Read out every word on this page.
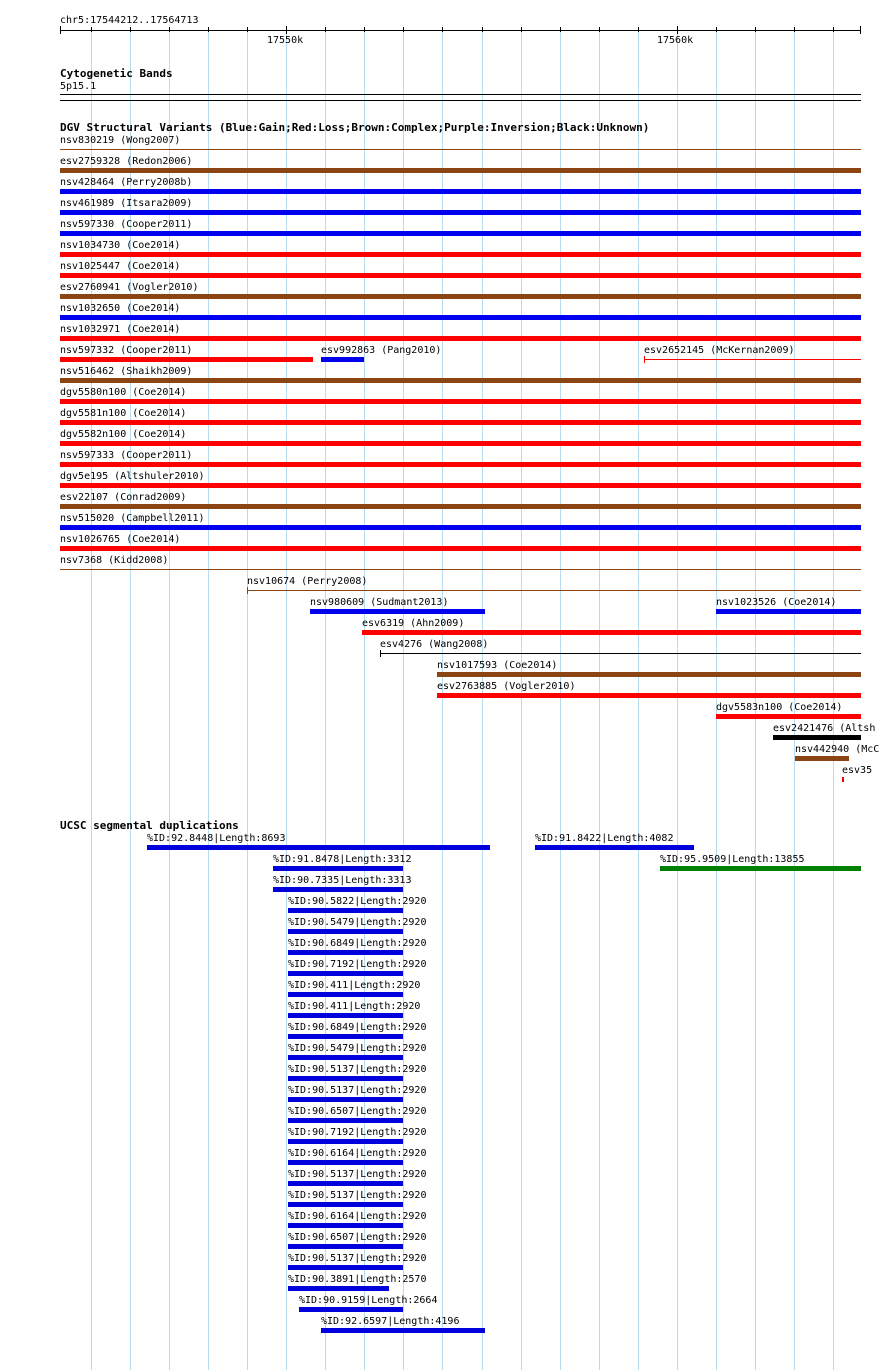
chr5:17544212..17564713
17550k	17560k
Cytogenetic Bands
5p15.1
DGV Structural Variants (Blue:Gain;Red:Loss;Brown:Complex;Purple:Inversion;Black:Unknown)
nsv830219 (Wong2007)
esv2759328 (Redon2006)
nsv428464 (Perry2008b)
nsv461989 (Itsara2009)
nsv597330 (Cooper2011)
nsv1034730 (Coe2014)
nsv1025447 (Coe2014)
esv2760941 (Vogler2010)
nsv1032650 (Coe2014)
nsv1032971 (Coe2014)
nsv597332 (Cooper2011)	esv992863 (Pang2010)	esv2652145 (McKernan2009)
nsv516462 (Shaikh2009)
dgv5580n100 (Coe2014)
dgv5581n100 (Coe2014)
dgv5582n100 (Coe2014)
nsv597333 (Cooper2011)
dgv5e195 (Altshuler2010)
esv22107 (Conrad2009)
nsv515020 (Campbell2011)
nsv1026765 (Coe2014)
nsv7368 (Kidd2008)
nsv10674 (Perry2008)
nsv980609 (Sudmant2013)	nsv1023526 (Coe2014)
esv6319 (Ahn2009)
esv4276 (Wang2008)
nsv1017593 (Coe2014)
esv2763885 (Vogler2010)
dgv5583n100 (Coe2014)
esv2421476 (Altsh
nsv442940 (McC
esv35
UCSC segmental duplications
%ID:92.8448|Length:8693	%ID:91.8422|Length:4082
%ID:91.8478|Length:3312	%ID:95.9509|Length:13855
%ID:90.7335|Length:3313
%ID:90.5822|Length:2920
%ID:90.5479|Length:2920
%ID:90.6849|Length:2920
%ID:90.7192|Length:2920
%ID:90.411|Length:2920
%ID:90.411|Length:2920
%ID:90.6849|Length:2920
%ID:90.5479|Length:2920
%ID:90.5137|Length:2920
%ID:90.5137|Length:2920
%ID:90.6507|Length:2920
%ID:90.7192|Length:2920
%ID:90.6164|Length:2920
%ID:90.5137|Length:2920
%ID:90.5137|Length:2920
%ID:90.6164|Length:2920
%ID:90.6507|Length:2920
%ID:90.5137|Length:2920
%ID:90.3891|Length:2570
%ID:90.9159|Length:2664
%ID:92.6597|Length:4196
